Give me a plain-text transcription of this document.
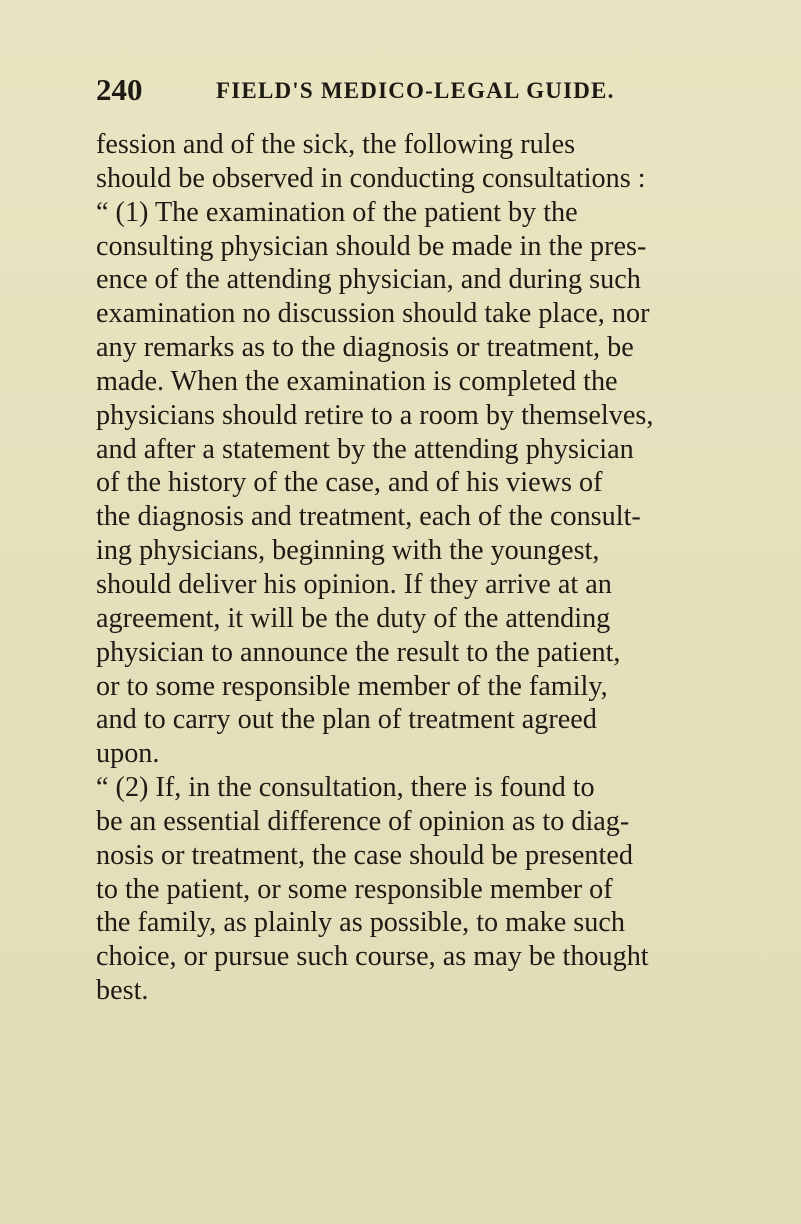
240	FIELD'S MEDICO-LEGAL GUIDE.
fession and of the sick, the following rules
should be observed in conducting consultations :
“ (1) The examination of the patient by the
consulting physician should be made in the pres-
ence of the attending physician, and during such
examination no discussion should take place, nor
any remarks as to the diagnosis or treatment, be
made. When the examination is completed the
physicians should retire to a room by themselves,
and after a statement by the attending physician
of the history of the case, and of his views of
the diagnosis and treatment, each of the consult-
ing physicians, beginning with the youngest,
should deliver his opinion. If they arrive at an
agreement, it will be the duty of the attending
physician to announce the result to the patient,
or to some responsible member of the family,
and to carry out the plan of treatment agreed
upon.
“ (2) If, in the consultation, there is found to
be an essential difference of opinion as to diag-
nosis or treatment, the case should be presented
to the patient, or some responsible member of
the family, as plainly as possible, to make such
choice, or pursue such course, as may be thought
best.
